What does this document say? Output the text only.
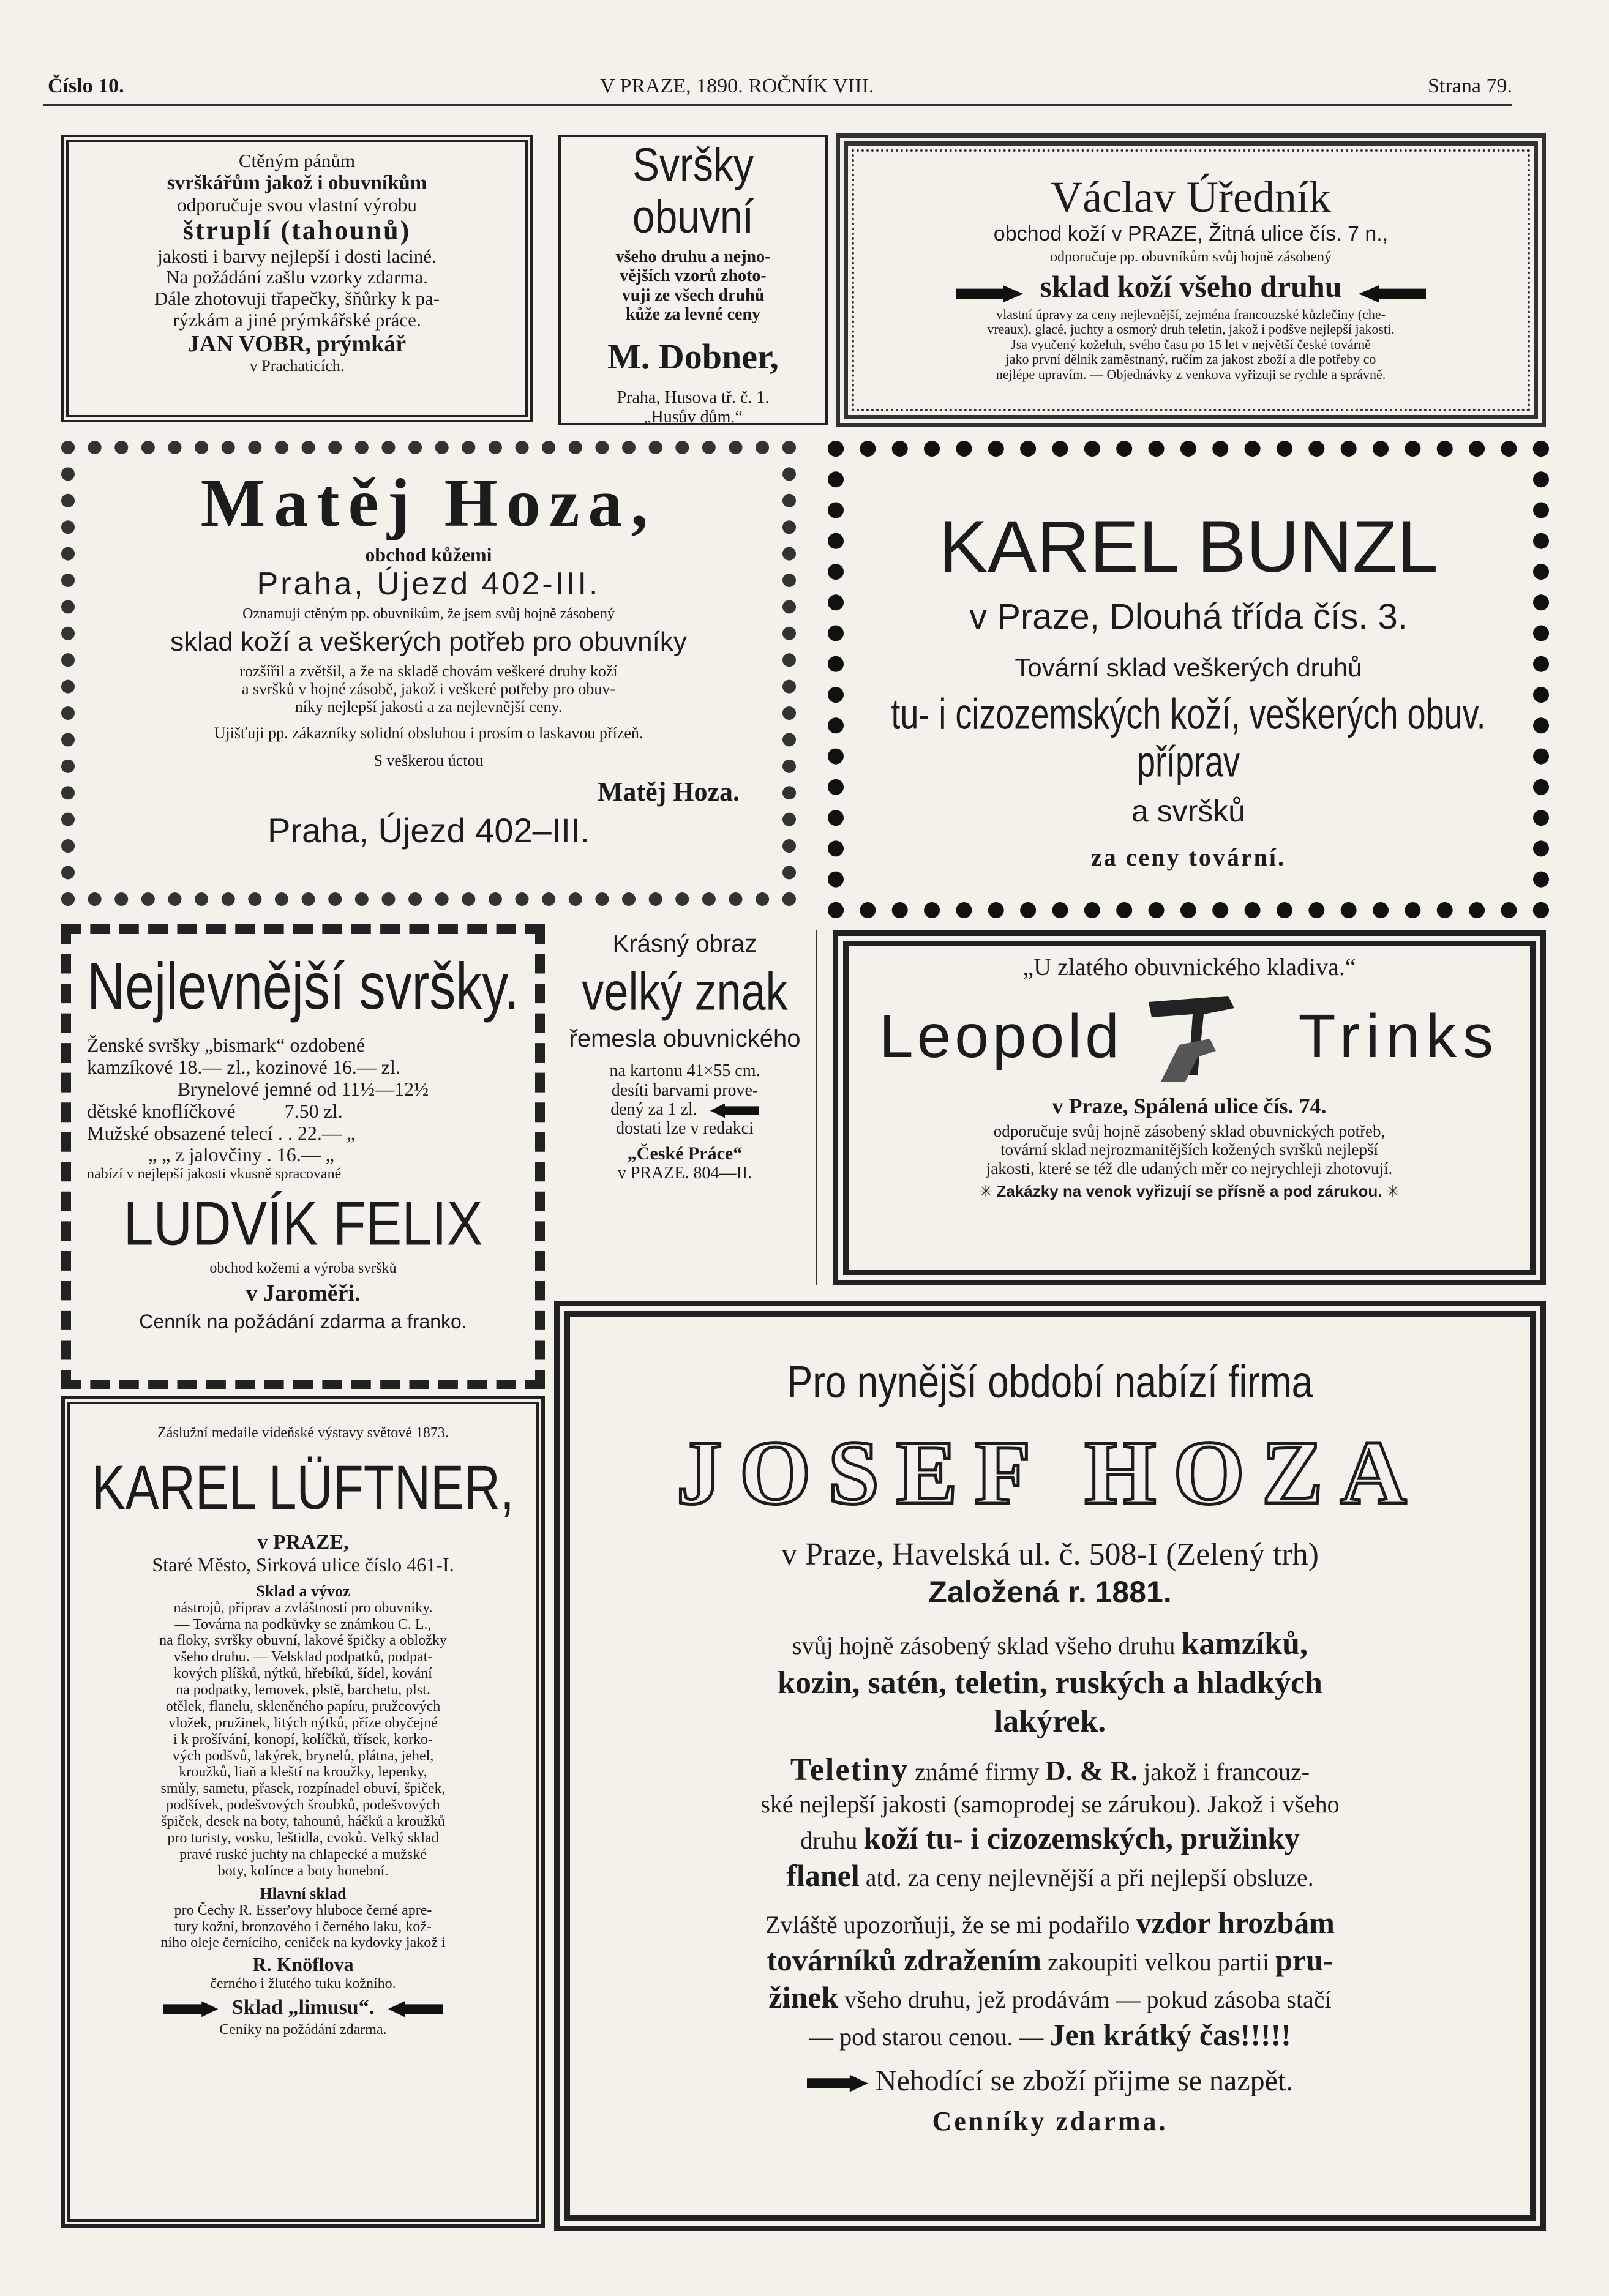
Číslo 10.	V PRAZE, 1890. ROČNÍK VIII.	Strana 79.
Ctěným pánům
svrškářům jakož i obuvníkům
odporučuje svou vlastní výrobu
štruplí (tahounů)
jakosti i barvy nejlepší i dosti laciné.
Na požádání zašlu vzorky zdarma.
Dále zhotovuji třapečky, šňůrky k pa-
rýzkám a jiné prýmkářské práce.
JAN VOBR, prýmkář
v Prachaticích.
Svršky obuvní
všeho druhu a nejno-
vějších vzorů zhoto-
vuji ze všech druhů
kůže za levné ceny
M. Dobner,
Praha, Husova tř. č. 1.
„Husův dům.“
Václav Úředník
obchod koží v PRAZE, Žitná ulice čís. 7 n.,
odporučuje pp. obuvníkům svůj hojně zásobený
sklad koží všeho druhu
vlastní úpravy za ceny nejlevnější, zejména francouzské kůzlečiny (che-
vreaux), glacé, juchty a osmorý druh teletin, jakož i podšve nejlepší jakosti.
Jsa vyučený koželuh, svého času po 15 let v největší české továrně
jako první dělník zaměstnaný, ručím za jakost zboží a dle potřeby co
nejlépe upravím. — Objednávky z venkova vyřizuji se rychle a správně.
Matěj Hoza,
obchod kůžemi
Praha, Újezd 402-III.
Oznamuji ctěným pp. obuvníkům, že jsem svůj hojně zásobený
sklad koží a veškerých potřeb pro obuvníky
rozšířil a zvětšil, a že na skladě chovám veškeré druhy koží
a svršků v hojné zásobě, jakož i veškeré potřeby pro obuv-
níky nejlepší jakosti a za nejlevnější ceny.
Ujišťuji pp. zákazníky solidní obsluhou i prosím o laskavou přízeň.
S veškerou úctou
Matěj Hoza.
Praha, Újezd 402–III.
KAREL BUNZL
v Praze, Dlouhá třída čís. 3.
Tovární sklad veškerých druhů
tu- i cizozemských koží, veškerých obuv. příprav
a svršků
za ceny tovární.
Nejlevnější svršky.
Ženské svršky „bismark“ ozdobené
kamzíkové 18.— zl., kozinové 16.— zl.
Brynelové jemné od 11½—12½
dětské knoflíčkové          7.50 zl.
Mužské obsazené telecí . . 22.— „
„ „ z jalovčiny . 16.— „
nabízí v nejlepší jakosti vkusně spracované
LUDVÍK FELIX
obchod kožemi a výroba svršků
v Jaroměři.
Cenník na požádání zdarma a franko.
Krásný obraz
velký znak
řemesla obuvnického
na kartonu 41×55 cm.
desíti barvami prove-
dený za 1 zl.
dostati lze v redakci
„České Práce“
v PRAZE. 804—II.
„U zlatého obuvnického kladiva.“
Leopold	Trinks
v Praze, Spálená ulice čís. 74.
odporučuje svůj hojně zásobený sklad obuvnických potřeb,
tovární sklad nejrozmanitějších kožených svršků nejlepší
jakosti, které se též dle udaných měr co nejrychleji zhotovují.
✳ Zakázky na venok vyřizují se přísně a pod zárukou. ✳
Záslužní medaile vídeňské výstavy světové 1873.
KAREL LÜFTNER,
v PRAZE,
Staré Město, Sirková ulice číslo 461-I.
Sklad a vývoz
nástrojů, příprav a zvláštností pro obuvníky.
— Továrna na podkůvky se známkou C. L.,
na floky, svršky obuvní, lakové špičky a obložky
všeho druhu. — Velsklad podpatků, podpat-
kových plíšků, nýtků, hřebíků, šídel, kování
na podpatky, lemovek, plstě, barchetu, plst.
otělek, flanelu, skleněného papíru, pružcových
vložek, pružinek, litých nýtků, příze obyčejné
i k prošívání, konopí, kolíčků, třísek, korko-
vých podšvů, lakýrek, brynelů, plátna, jehel,
kroužků, liaň a kleští na kroužky, lepenky,
smůly, sametu, přasek, rozpínadel obuví, špiček,
podšívek, podešvových šroubků, podešvových
špiček, desek na boty, tahounů, háčků a kroužků
pro turisty, vosku, leštidla, cvoků. Velký sklad
pravé ruské juchty na chlapecké a mužské
boty, kolínce a boty honební.
Hlavní sklad
pro Čechy R. Esser'ovy hluboce černé apre-
tury kožní, bronzového i černého laku, kož-
ního oleje černícího, ceniček na kydovky jakož i
R. Knöflova
černého i žlutého tuku kožního.
Sklad „limusu“.
Ceníky na požádání zdarma.
Pro nynější období nabízí firma
JOSEF HOZA
v Praze, Havelská ul. č. 508-I (Zelený trh)
Založená r. 1881.
svůj hojně zásobený sklad všeho druhu kamzíků,
kozin, satén, teletin, ruských a hladkých
lakýrek.
Teletiny známé firmy D. & R. jakož i francouz-
ské nejlepší jakosti (samoprodej se zárukou). Jakož i všeho
druhu koží tu- i cizozemských, pružinky
flanel atd. za ceny nejlevnější a při nejlepší obsluze.
Zvláště upozorňuji, že se mi podařilo vzdor hrozbám
továrníků zdražením zakoupiti velkou partii pru-
žinek všeho druhu, jež prodávám — pokud zásoba stačí
— pod starou cenou. — Jen krátký čas!!!!!
Nehodící se zboží přijme se nazpět.
Cenníky zdarma.
